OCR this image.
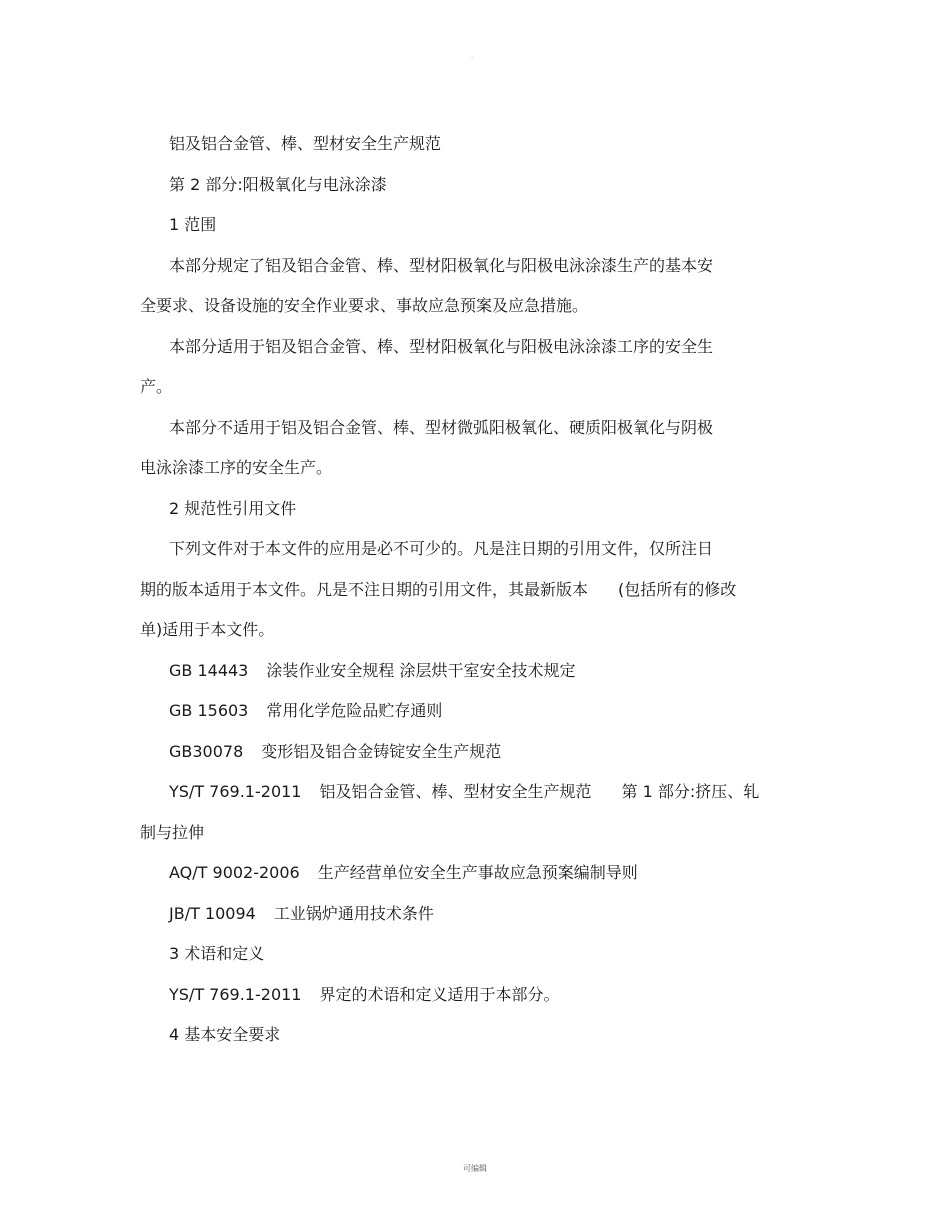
.
铝及铝合金管、棒、型材安全生产规范
第 2 部分:阳极氧化与电泳涂漆
1 范围
本部分规定了铝及铝合金管、棒、型材阳极氧化与阳极电泳涂漆生产的基本安
全要求、设备设施的安全作业要求、事故应急预案及应急措施。
本部分适用于铝及铝合金管、棒、型材阳极氧化与阳极电泳涂漆工序的安全生
产。
本部分不适用于铝及铝合金管、棒、型材微弧阳极氧化、硬质阳极氧化与阴极
电泳涂漆工序的安全生产。
2 规范性引用文件
下列文件对于本文件的应用是必不可少的。凡是注日期的引用文件，仅所注日
期的版本适用于本文件。凡是不注日期的引用文件，其最新版本 (包括所有的修改
单)适用于本文件。
GB 14443 涂装作业安全规程 涂层烘干室安全技术规定
GB 15603 常用化学危险品贮存通则
GB30078 变形铝及铝合金铸锭安全生产规范
YS/T 769.1-2011 铝及铝合金管、棒、型材安全生产规范 第 1 部分:挤压、轧
制与拉伸
AQ/T 9002-2006 生产经营单位安全生产事故应急预案编制导则
JB/T 10094 工业锅炉通用技术条件
3 术语和定义
YS/T 769.1-2011 界定的术语和定义适用于本部分。
4 基本安全要求
可编辑
